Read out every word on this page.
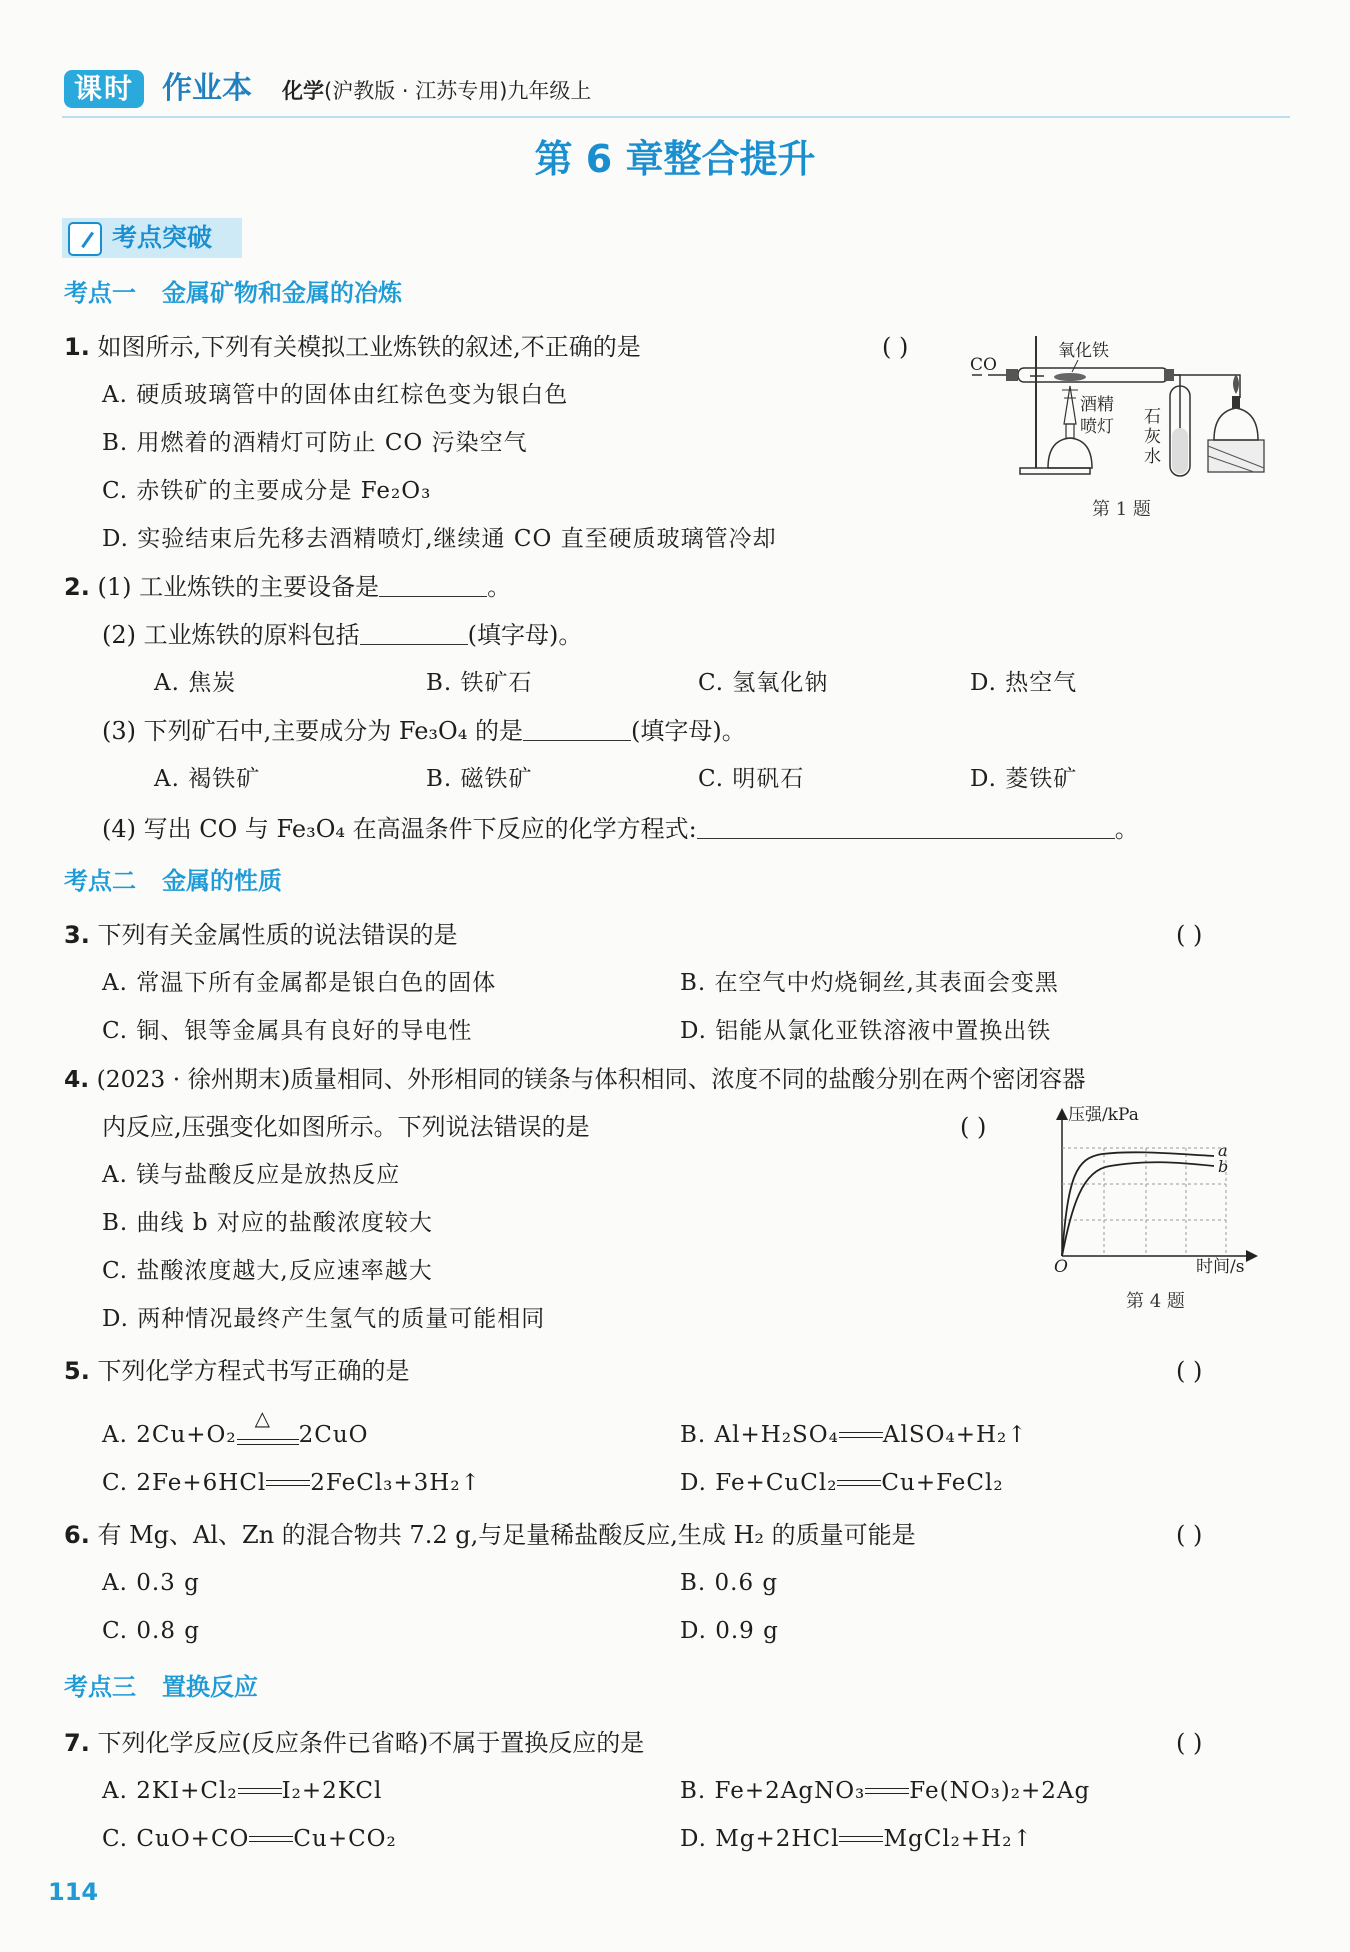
课时 作业本 化学(沪教版 · 江苏专用)九年级上
第 6 章整合提升
考点突破
考点一 金属矿物和金属的冶炼
1. 如图所示,下列有关模拟工业炼铁的叙述,不正确的是	( )
A. 硬质玻璃管中的固体由红棕色变为银白色
B. 用燃着的酒精灯可防止 CO 污染空气
C. 赤铁矿的主要成分是 Fe₂O₃
D. 实验结束后先移去酒精喷灯,继续通 CO 直至硬质玻璃管冷却
CO
氧化铁
酒精
喷灯 石
灰
水
第 1 题
2. (1) 工业炼铁的主要设备是	。
(2) 工业炼铁的原料包括	(填字母)。
A. 焦炭	B. 铁矿石	C. 氢氧化钠	D. 热空气
(3) 下列矿石中,主要成分为 Fe₃O₄ 的是	(填字母)。
A. 褐铁矿	B. 磁铁矿	C. 明矾石	D. 菱铁矿
(4) 写出 CO 与 Fe₃O₄ 在高温条件下反应的化学方程式:	。
考点二 金属的性质
3. 下列有关金属性质的说法错误的是	( )
A. 常温下所有金属都是银白色的固体	B. 在空气中灼烧铜丝,其表面会变黑
C. 铜、银等金属具有良好的导电性	D. 铝能从氯化亚铁溶液中置换出铁
4. (2023 · 徐州期末)质量相同、外形相同的镁条与体积相同、浓度不同的盐酸分别在两个密闭容器
内反应,压强变化如图所示。下列说法错误的是	( )
A. 镁与盐酸反应是放热反应
B. 曲线 b 对应的盐酸浓度较大
C. 盐酸浓度越大,反应速率越大
D. 两种情况最终产生氢气的质量可能相同
压强/kPa
时间/s
O
a
b
第 4 题
5. 下列化学方程式书写正确的是	( )
A. 2Cu+O₂
△
2CuO	B. Al+H₂SO₄ AlSO₄+H₂↑
C. 2Fe+6HCl 2FeCl₃+3H₂↑	D. Fe+CuCl₂ Cu+FeCl₂
6. 有 Mg、Al、Zn 的混合物共 7.2 g,与足量稀盐酸反应,生成 H₂ 的质量可能是	( )
A. 0.3 g	B. 0.6 g
C. 0.8 g	D. 0.9 g
考点三 置换反应
7. 下列化学反应(反应条件已省略)不属于置换反应的是	( )
A. 2KI+Cl₂ I₂+2KCl	B. Fe+2AgNO₃ Fe(NO₃)₂+2Ag
C. CuO+CO Cu+CO₂	D. Mg+2HCl MgCl₂+H₂↑
114
